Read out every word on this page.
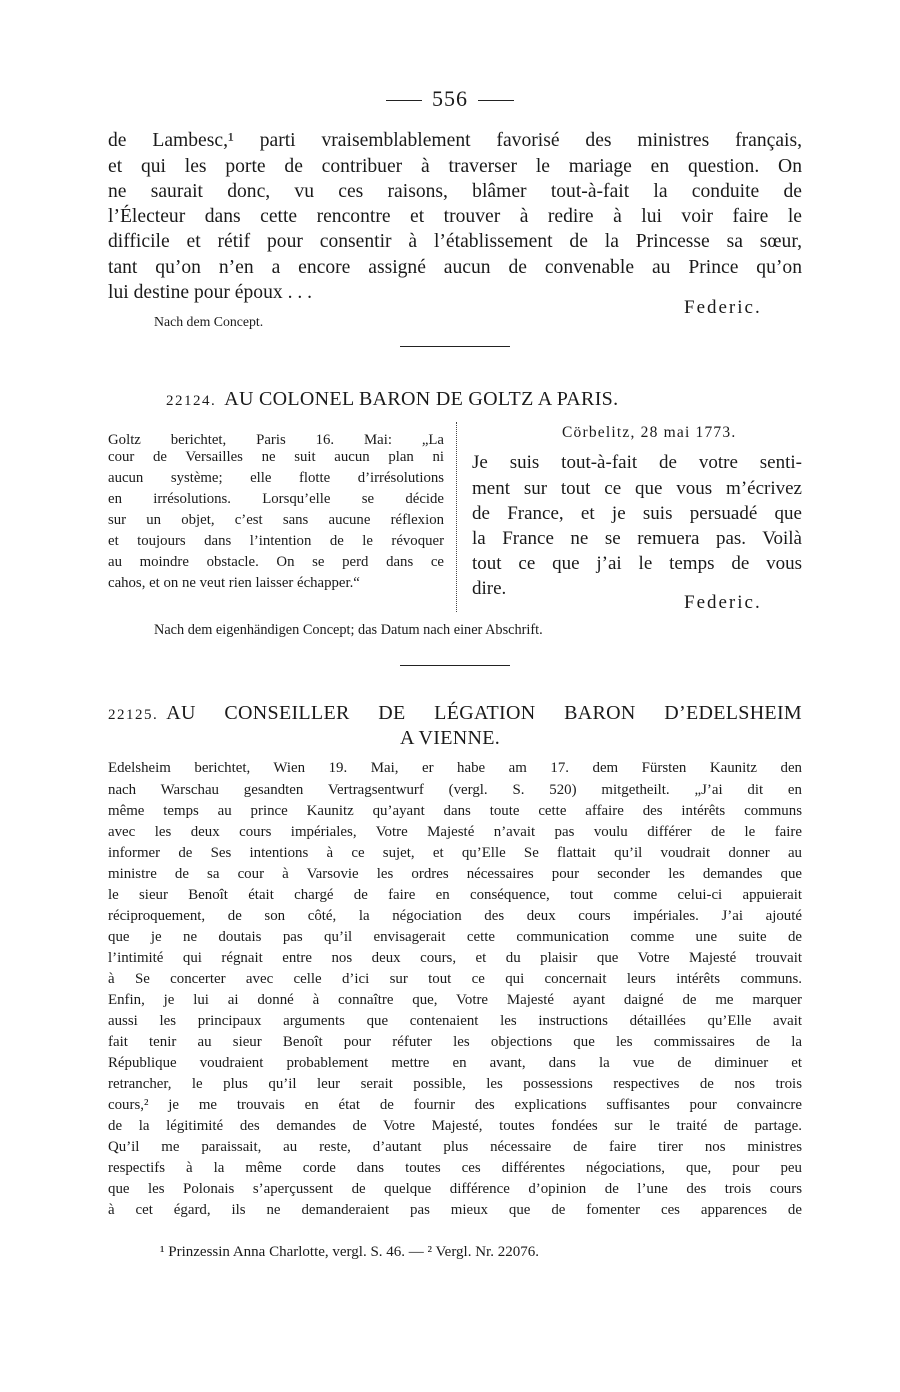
556
de Lambesc,¹ parti vraisemblablement favorisé des ministres français,
et qui les porte de contribuer à traverser le mariage en question. On
ne saurait donc, vu ces raisons, blâmer tout-à-fait la conduite de
l’Électeur dans cette rencontre et trouver à redire à lui voir faire le
difficile et rétif pour consentir à l’établissement de la Princesse sa sœur,
tant qu’on n’en a encore assigné aucun de convenable au Prince qu’on
lui destine pour époux . . .
Federic.
Nach dem Concept.
22124. AU COLONEL BARON DE GOLTZ A PARIS.
Goltz berichtet, Paris 16. Mai: „La
cour de Versailles ne suit aucun plan ni
aucun système; elle flotte d’irrésolutions
en irrésolutions. Lorsqu’elle se décide
sur un objet, c’est sans aucune réflexion
et toujours dans l’intention de le révoquer
au moindre obstacle. On se perd dans ce
cahos, et on ne veut rien laisser échapper.“
Cörbelitz, 28 mai 1773.
Je suis tout-à-fait de votre senti-
ment sur tout ce que vous m’écrivez
de France, et je suis persuadé que
la France ne se remuera pas. Voilà
tout ce que j’ai le temps de vous
dire.
Federic.
Nach dem eigenhändigen Concept; das Datum nach einer Abschrift.
22125. AU CONSEILLER DE LÉGATION BARON D’EDELSHEIM
A VIENNE.
Edelsheim berichtet, Wien 19. Mai, er habe am 17. dem Fürsten Kaunitz den
nach Warschau gesandten Vertragsentwurf (vergl. S. 520) mitgetheilt. „J’ai dit en
même temps au prince Kaunitz qu’ayant dans toute cette affaire des intérêts communs
avec les deux cours impériales, Votre Majesté n’avait pas voulu différer de le faire
informer de Ses intentions à ce sujet, et qu’Elle Se flattait qu’il voudrait donner au
ministre de sa cour à Varsovie les ordres nécessaires pour seconder les demandes que
le sieur Benoît était chargé de faire en conséquence, tout comme celui-ci appuierait
réciproquement, de son côté, la négociation des deux cours impériales. J’ai ajouté
que je ne doutais pas qu’il envisagerait cette communication comme une suite de
l’intimité qui régnait entre nos deux cours, et du plaisir que Votre Majesté trouvait
à Se concerter avec celle d’ici sur tout ce qui concernait leurs intérêts communs.
Enfin, je lui ai donné à connaître que, Votre Majesté ayant daigné de me marquer
aussi les principaux arguments que contenaient les instructions détaillées qu’Elle avait
fait tenir au sieur Benoît pour réfuter les objections que les commissaires de la
République voudraient probablement mettre en avant, dans la vue de diminuer et
retrancher, le plus qu’il leur serait possible, les possessions respectives de nos trois
cours,² je me trouvais en état de fournir des explications suffisantes pour convaincre
de la légitimité des demandes de Votre Majesté, toutes fondées sur le traité de partage.
Qu’il me paraissait, au reste, d’autant plus nécessaire de faire tirer nos ministres
respectifs à la même corde dans toutes ces différentes négociations, que, pour peu
que les Polonais s’aperçussent de quelque différence d’opinion de l’une des trois cours
à cet égard, ils ne demanderaient pas mieux que de fomenter ces apparences de
¹ Prinzessin Anna Charlotte, vergl. S. 46. — ² Vergl. Nr. 22076.
